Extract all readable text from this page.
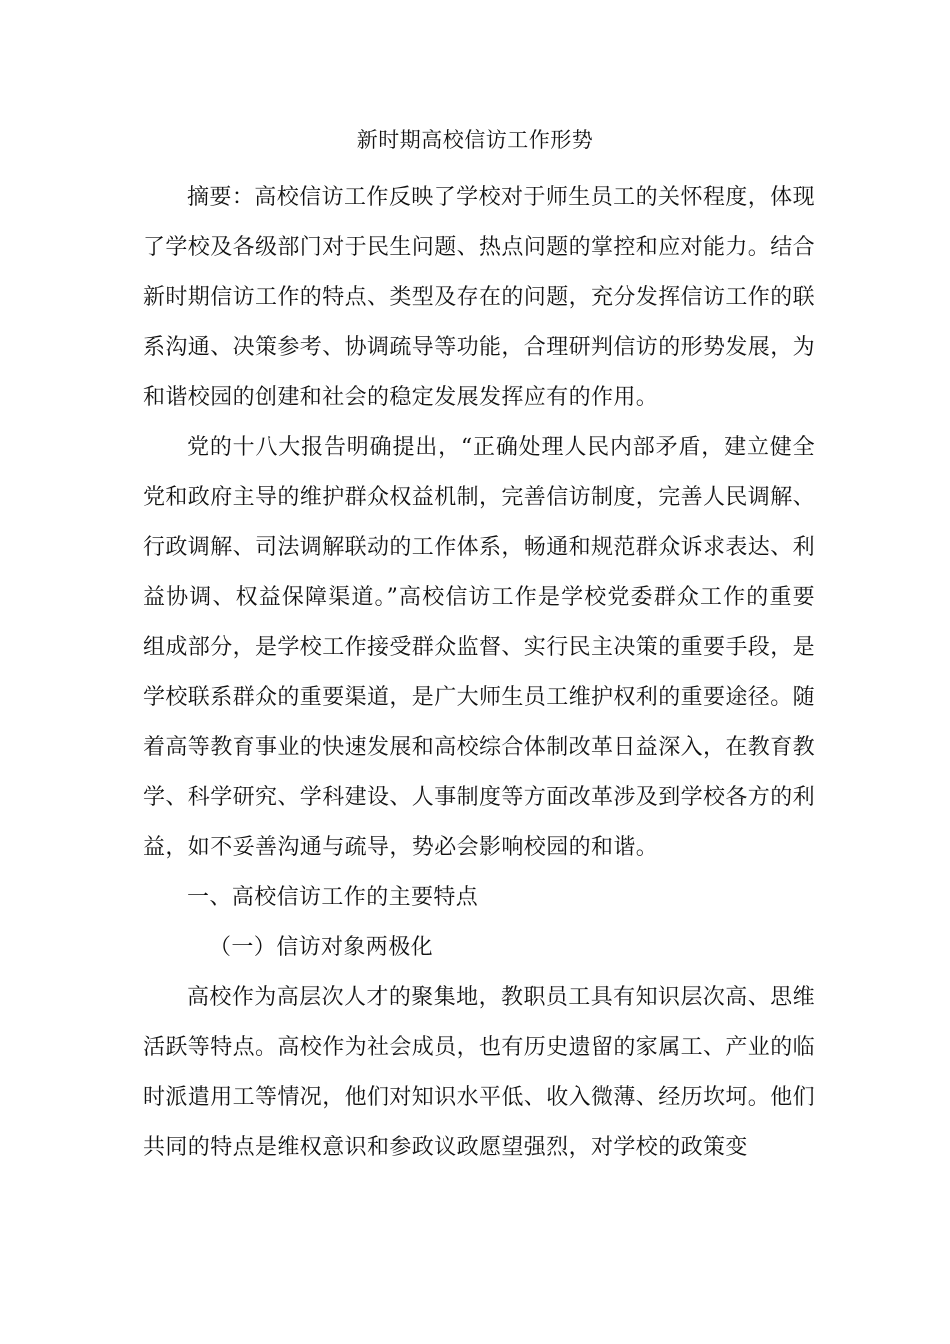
新时期高校信访工作形势

摘要：高校信访工作反映了学校对于师生员工的关怀程度，体现了学校及各级部门对于民生问题、热点问题的掌控和应对能力。结合新时期信访工作的特点、类型及存在的问题，充分发挥信访工作的联系沟通、决策参考、协调疏导等功能，合理研判信访的形势发展，为和谐校园的创建和社会的稳定发展发挥应有的作用。

党的十八大报告明确提出，“正确处理人民内部矛盾，建立健全党和政府主导的维护群众权益机制，完善信访制度，完善人民调解、行政调解、司法调解联动的工作体系，畅通和规范群众诉求表达、利益协调、权益保障渠道。”高校信访工作是学校党委群众工作的重要组成部分，是学校工作接受群众监督、实行民主决策的重要手段，是学校联系群众的重要渠道，是广大师生员工维护权利的重要途径。随着高等教育事业的快速发展和高校综合体制改革日益深入，在教育教学、科学研究、学科建设、人事制度等方面改革涉及到学校各方的利益，如不妥善沟通与疏导，势必会影响校园的和谐。

一、高校信访工作的主要特点

（一）信访对象两极化

高校作为高层次人才的聚集地，教职员工具有知识层次高、思维活跃等特点。高校作为社会成员，也有历史遗留的家属工、产业的临时派遣用工等情况，他们对知识水平低、收入微薄、经历坎坷。他们共同的特点是维权意识和参政议政愿望强烈，对学校的政策变
